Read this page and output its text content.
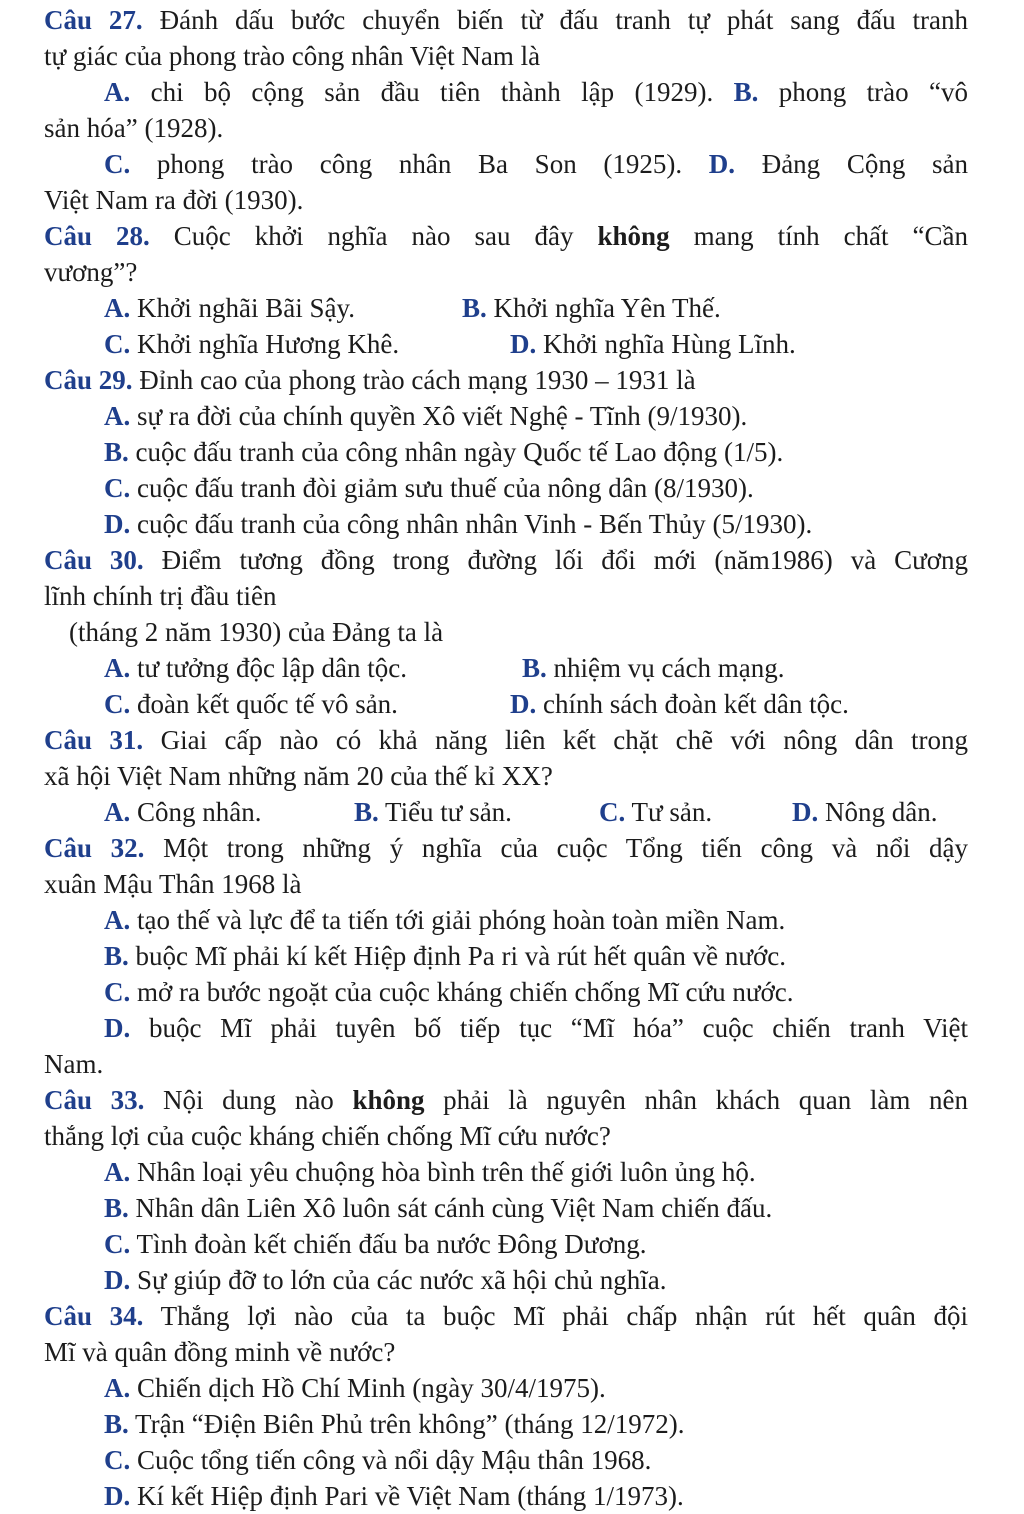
Câu 27. Đánh dấu bước chuyển biến từ đấu tranh tự phát sang đấu tranh
tự giác của phong trào công nhân Việt Nam là
A. chi bộ cộng sản đầu tiên thành lập (1929). B. phong trào “vô
sản hóa” (1928).
C. phong trào công nhân Ba Son (1925). D. Đảng Cộng sản
Việt Nam ra đời (1930).
Câu 28. Cuộc khởi nghĩa nào sau đây không mang tính chất “Cần
vương”?
A. Khởi nghãi Bãi Sậy.	B. Khởi nghĩa Yên Thế.
C. Khởi nghĩa Hương Khê.	D. Khởi nghĩa Hùng Lĩnh.
Câu 29. Đỉnh cao của phong trào cách mạng 1930 – 1931 là
A. sự ra đời của chính quyền Xô viết Nghệ - Tĩnh (9/1930).
B. cuộc đấu tranh của công nhân ngày Quốc tế Lao động (1/5).
C. cuộc đấu tranh đòi giảm sưu thuế của nông dân (8/1930).
D. cuộc đấu tranh của công nhân nhân Vinh - Bến Thủy (5/1930).
Câu 30. Điểm tương đồng trong đường lối đổi mới (năm1986) và Cương
lĩnh chính trị đầu tiên
(tháng 2 năm 1930) của Đảng ta là
A. tư tưởng độc lập dân tộc.	B. nhiệm vụ cách mạng.
C. đoàn kết quốc tế vô sản.	D. chính sách đoàn kết dân tộc.
Câu 31. Giai cấp nào có khả năng liên kết chặt chẽ với nông dân trong
xã hội Việt Nam những năm 20 của thế kỉ XX?
A. Công nhân.	B. Tiểu tư sản.	C. Tư sản.	D. Nông dân.
Câu 32. Một trong những ý nghĩa của cuộc Tổng tiến công và nổi dậy
xuân Mậu Thân 1968 là
A. tạo thế và lực để ta tiến tới giải phóng hoàn toàn miền Nam.
B. buộc Mĩ phải kí kết Hiệp định Pa ri và rút hết quân về nước.
C. mở ra bước ngoặt của cuộc kháng chiến chống Mĩ cứu nước.
D. buộc Mĩ phải tuyên bố tiếp tục “Mĩ hóa” cuộc chiến tranh Việt
Nam.
Câu 33. Nội dung nào không phải là nguyên nhân khách quan làm nên
thắng lợi của cuộc kháng chiến chống Mĩ cứu nước?
A. Nhân loại yêu chuộng hòa bình trên thế giới luôn ủng hộ.
B. Nhân dân Liên Xô luôn sát cánh cùng Việt Nam chiến đấu.
C. Tình đoàn kết chiến đấu ba nước Đông Dương.
D. Sự giúp đỡ to lớn của các nước xã hội chủ nghĩa.
Câu 34. Thắng lợi nào của ta buộc Mĩ phải chấp nhận rút hết quân đội
Mĩ và quân đồng minh về nước?
A. Chiến dịch Hồ Chí Minh (ngày 30/4/1975).
B. Trận “Điện Biên Phủ trên không” (tháng 12/1972).
C. Cuộc tổng tiến công và nổi dậy Mậu thân 1968.
D. Kí kết Hiệp định Pari về Việt Nam (tháng 1/1973).
